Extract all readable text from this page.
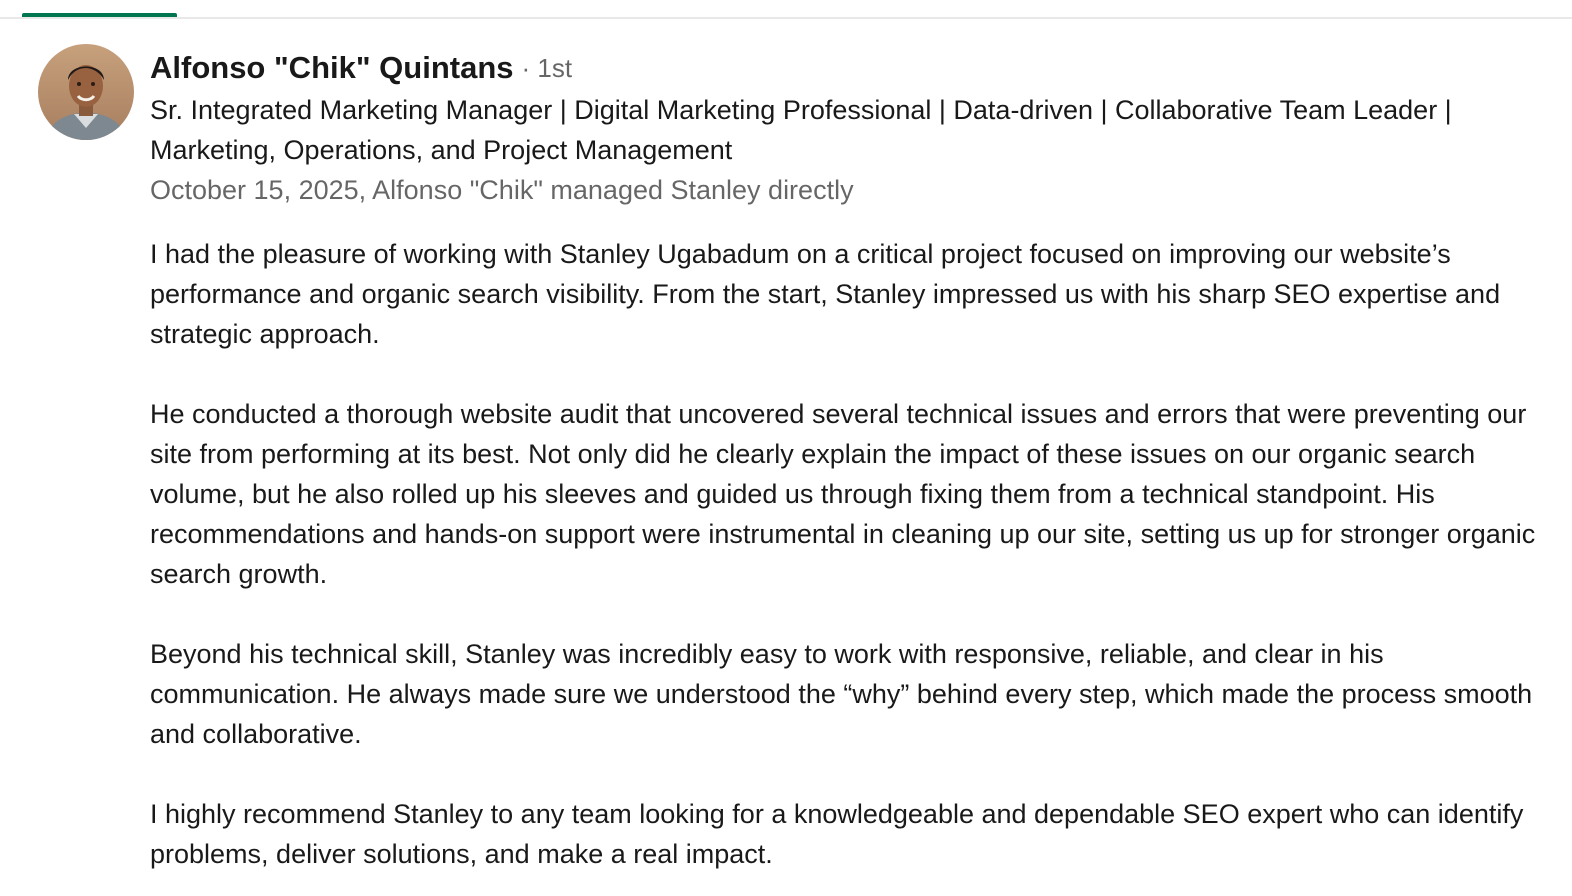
Alfonso "Chik" Quintans · 1st

Sr. Integrated Marketing Manager | Digital Marketing Professional | Data-driven | Collaborative Team Leader | Marketing, Operations, and Project Management

October 15, 2025, Alfonso "Chik" managed Stanley directly

I had the pleasure of working with Stanley Ugabadum on a critical project focused on improving our website’s performance and organic search visibility. From the start, Stanley impressed us with his sharp SEO expertise and strategic approach.

He conducted a thorough website audit that uncovered several technical issues and errors that were preventing our site from performing at its best. Not only did he clearly explain the impact of these issues on our organic search volume, but he also rolled up his sleeves and guided us through fixing them from a technical standpoint. His recommendations and hands-on support were instrumental in cleaning up our site, setting us up for stronger organic search growth.

Beyond his technical skill, Stanley was incredibly easy to work with responsive, reliable, and clear in his communication. He always made sure we understood the “why” behind every step, which made the process smooth and collaborative.

I highly recommend Stanley to any team looking for a knowledgeable and dependable SEO expert who can identify problems, deliver solutions, and make a real impact.
